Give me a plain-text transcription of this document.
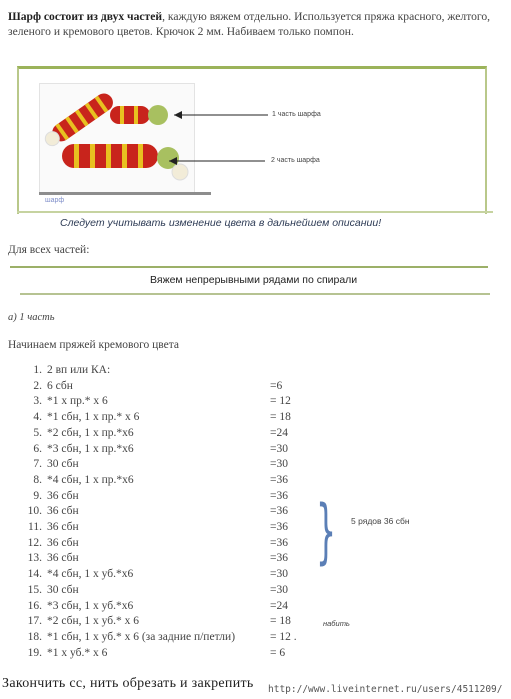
Шарф состоит из двух частей, каждую вяжем отдельно. Используется пряжа красного, желтого, зеленого и кремового цветов. Крючок 2 мм. Набиваем только помпон.
шарф
1 часть шарфа
2 часть шарфа
Следует учитывать изменение цвета в дальнейшем описании!
Для всех частей:
Вяжем непрерывными рядами по спирали
а) 1 часть
Начинаем пряжей кремового цвета
1. 2 вп или КА:
2. 6 сбн	=6
3. *1 х пр.* х 6	= 12
4. *1 сбн, 1 х пр.* х 6	= 18
5. *2 сбн, 1 х пр.*х6	=24
6. *3 сбн, 1 х пр.*х6	=30
7. 30 сбн	=30
8. *4 сбн, 1 х пр.*х6	=36
9. 36 сбн	=36
10. 36 сбн	=36
11. 36 сбн	=36
12. 36 сбн	=36
13. 36 сбн	=36
14. *4 сбн, 1 х уб.*х6	=30
15. 30 сбн	=30
16. *3 сбн, 1 х уб.*х6	=24
17. *2 сбн, 1 х уб.* х 6	= 18
18. *1 сбн, 1 х уб.* х 6 (за задние п/петли)	= 12 .
19. *1 х уб.* х 6	= 6
} 5 рядов 36 сбн
набить
Закончить сс, нить обрезать и закрепить http://www.liveinternet.ru/users/4511209/
